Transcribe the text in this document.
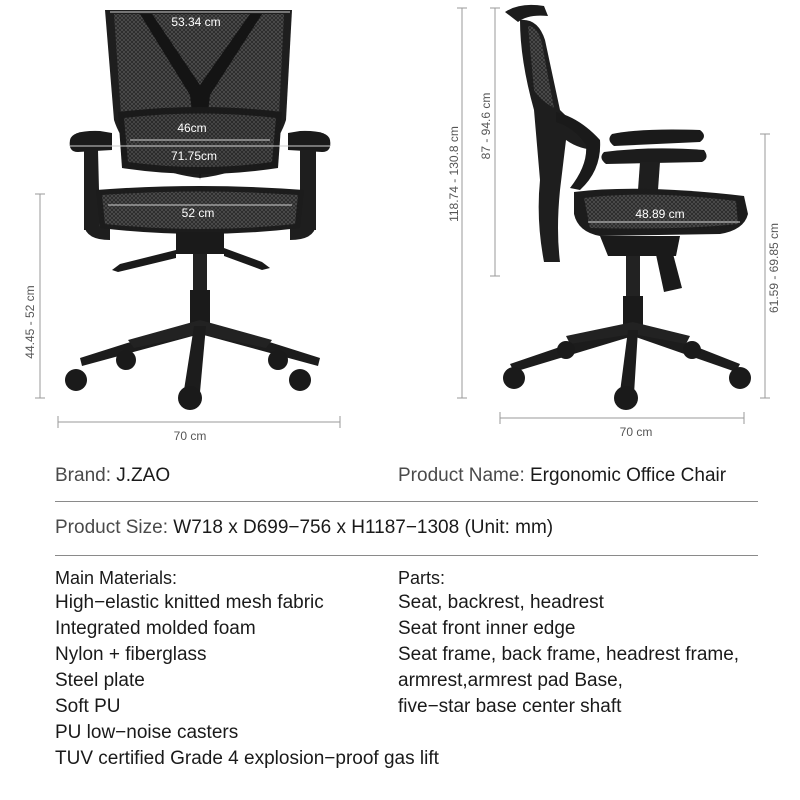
53.34 cm
46cm
71.75cm
52 cm
44.45 - 52 cm
70 cm
118.74 - 130.8 cm
87 - 94.6 cm
48.89 cm
61.59 - 69.85 cm
70 cm
Brand: J.ZAO	Product Name: Ergonomic Office Chair
Product Size: W718 x D699−756 x H1187−1308 (Unit: mm)
Main Materials:
High−elastic knitted mesh fabric
Integrated molded foam
Nylon + fiberglass
Steel plate
Soft PU
PU low−noise casters
TUV certified Grade 4 explosion−proof gas lift
Parts:
Seat, backrest, headrest
Seat front inner edge
Seat frame, back frame, headrest frame,
armrest,armrest pad Base,
five−star base center shaft
